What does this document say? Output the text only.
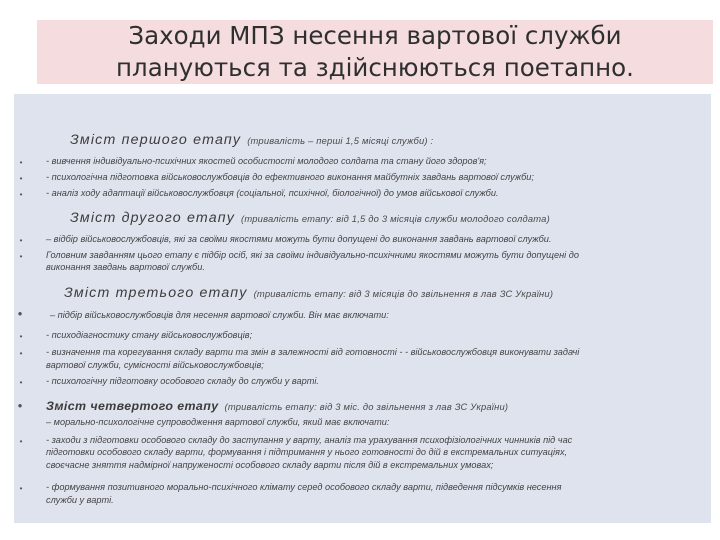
Заходи МПЗ несення вартової служби
плануються та здійснюються поетапно.
Зміст першого етапу (тривалість – перші 1,5 місяці служби) :
•	- вивчення індивідуально-психічних якостей особистості молодого солдата та стану його здоров'я;
•	- психологічна підготовка військовослужбовців до ефективного виконання майбутніх завдань вартової служби;
•	- аналіз ходу адаптації військовослужбовця (соціальної, психічної, біологічної) до умов військової служби.
Зміст другого етапу (тривалість етапу: від 1,5 до 3 місяців служби молодого солдата)
•	– відбір військовослужбовців, які за своїми якостями можуть бути допущені до виконання завдань вартової служби.
•	Головним завданням цього етапу є підбір осіб, які за своїми індивідуально-психічними якостями можуть бути допущені до
виконання завдань вартової служби.
Зміст третього етапу (тривалість етапу: від 3 місяців до звільнення в лав ЗС України)
•	– підбір військовослужбовців для несення вартової служби. Він має включати:
•	- психодіагностику стану військовослужбовців;
•	- визначення та корегування складу варти та змін в залежності від готовності - - військовослужбовця виконувати задачі
вартової служби, сумісності військовослужбовців;
•	- психологічну підготовку особового складу до служби у варті.
• Зміст четвертого етапу (тривалість етапу: від 3 міс. до звільнення з лав ЗС України)
– морально-психологічне супроводження вартової служби, який має включати:
•	- заходи з підготовки особового складу до заступання у варту, аналіз та урахування психофізіологічних чинників під час
підготовки особового складу варти, формування і підтримання у нього готовності до дій в екстремальних ситуаціях,
своєчасне зняття надмірної напруженості особового складу варти після дій в екстремальних умовах;
•	- формування позитивного морально-психічного клімату серед особового складу варти, підведення підсумків несення
служби у варті.
